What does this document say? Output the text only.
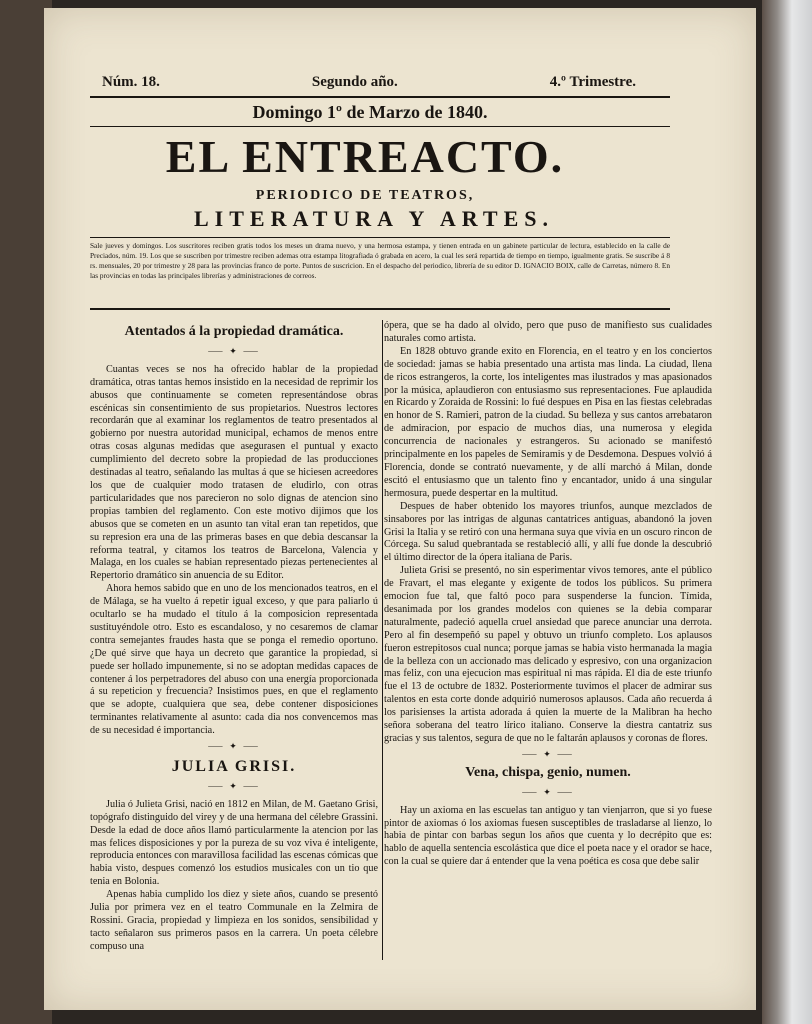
Núm. 18.	Segundo año.	4.º Trimestre.
Domingo 1º de Marzo de 1840.
EL ENTREACTO.
PERIODICO DE TEATROS,
LITERATURA Y ARTES.
Sale jueves y domingos. Los suscritores reciben gratis todos los meses un drama nuevo, y una hermosa estampa, y tienen entrada en un gabinete particular de lectura, establecido en la calle de Preciados, núm. 19. Los que se suscriben por trimestre reciben ademas otra estampa litografiada ó grabada en acero, la cual les será repartida de tiempo en tiempo, igualmente gratis. Se suscribe á 8 rs. mensuales, 20 por trimestre y 28 para las provincias franco de porte. Puntos de suscricion. En el despacho del periodico, librería de su editor D. IGNACIO BOIX, calle de Carretas, número 8. En las provincias en todas las principales librerías y administraciones de correos.
Atentados á la propiedad dramática.
⸺ ✦ ⸺

Cuantas veces se nos ha ofrecido hablar de la propiedad dramática, otras tantas hemos insistido en la necesidad de reprimir los abusos que continuamente se cometen representándose obras escénicas sin consentimiento de sus propietarios. Nuestros lectores recordarán que al examinar los reglamentos de teatro presentados al gobierno por nuestra autoridad municipal, echamos de menos entre otras cosas algunas medidas que asegurasen el puntual y exacto cumplimiento del decreto sobre la propiedad de las producciones destinadas al teatro, señalando las multas á que se hiciesen acreedores los que de cualquier modo tratasen de eludirlo, con otras particularidades que nos parecieron no solo dignas de atencion sino propias tambien del reglamento. Con este motivo dijimos que los abusos que se cometen en un asunto tan vital eran tan repetidos, que su represion era una de las primeras bases en que debia descansar la reforma teatral, y citamos los teatros de Barcelona, Valencia y Malaga, en los cuales se habian representado piezas pertenecientes al Repertorio dramático sin anuencia de su Editor.

Ahora hemos sabido que en uno de los mencionados teatros, en el de Málaga, se ha vuelto á repetir igual exceso, y que para paliarlo ú ocultarlo se ha mudado el título á la composicion representada sustituyéndole otro. Esto es escandaloso, y no cesaremos de clamar contra semejantes fraudes hasta que se ponga el remedio oportuno. ¿De qué sirve que haya un decreto que garantice la propiedad, si puede ser hollado impunemente, si no se adoptan medidas capaces de contener á los perpetradores del abuso con una energía proporcionada á su repeticion y frecuencia? Insistimos pues, en que el reglamento que se adopte, cualquiera que sea, debe contener disposiciones terminantes relativamente al asunto: cada dia nos convencemos mas de su necesidad é importancia.

⸺ ✦ ⸺
JULIA GRISI.
⸺ ✦ ⸺

Julia ó Julieta Grisi, nació en 1812 en Milan, de M. Gaetano Grisi, topógrafo distinguido del virey y de una hermana del célebre Grassini. Desde la edad de doce años llamó particularmente la atencion por las mas felices disposiciones y por la pureza de su voz viva é inteligente, reproducia entonces con maravillosa facilidad las escenas cómicas que habia visto, despues comenzó los estudios musicales con un tio que tenia en Bolonia.

Apenas habia cumplido los diez y siete años, cuando se presentó Julia por primera vez en el teatro Communale en la Zelmira de Rossini. Gracia, propiedad y limpieza en los sonidos, sensibilidad y tacto señalaron sus primeros pasos en la carrera. Un poeta célebre compuso una

ópera, que se ha dado al olvido, pero que puso de manifiesto sus cualidades naturales como artista.

En 1828 obtuvo grande exito en Florencia, en el teatro y en los conciertos de sociedad: jamas se habia presentado una artista mas linda. La ciudad, llena de ricos estrangeros, la corte, los inteligentes mas ilustrados y mas apasionados por la música, aplaudieron con entusiasmo sus representaciones. Fue aplaudida en Ricardo y Zoraida de Rossini: lo fué despues en Pisa en las fiestas celebradas en honor de S. Ramieri, patron de la ciudad. Su belleza y sus cantos arrebataron de admiracion, por espacio de muchos dias, una numerosa y elegida concurrencia de nacionales y estrangeros. Su acionado se manifestó principalmente en los papeles de Semiramis y de Desdemona. Despues volvió á Florencia, donde se contrató nuevamente, y de allí marchó á Milan, donde escitó el entusiasmo que un talento fino y encantador, unido á una singular hermosura, puede despertar en la multitud.

Despues de haber obtenido los mayores triunfos, aunque mezclados de sinsabores por las intrigas de algunas cantatrices antiguas, abandonó la joven Grisi la Italia y se retiró con una hermana suya que vivia en un oscuro rincon de Córcega. Su salud quebrantada se restableció allí, y allí fue donde la descubrió el último director de la ópera italiana de Paris.

Julieta Grisi se presentó, no sin esperimentar vivos temores, ante el público de Fravart, el mas elegante y exigente de todos los públicos. Su primera emocion fue tal, que faltó poco para suspenderse la funcion. Tímida, desanimada por los grandes modelos con quienes se la debia comparar naturalmente, padeció aquella cruel ansiedad que parece anunciar una derrota. Pero al fin desempeñó su papel y obtuvo un triunfo completo. Los aplausos fueron estrepitosos cual nunca; porque jamas se habia visto hermanada la magia de la belleza con un accionado mas delicado y espresivo, con una organizacion mas feliz, con una ejecucion mas espiritual ni mas rápida. El dia de este triunfo fue el 13 de octubre de 1832. Posteriormente tuvimos el placer de admirar sus talentos en esta corte donde adquirió numerosos aplausos. Cada año recuerda á los parisienses la artista adorada á quien la muerte de la Malibran ha hecho señora soberana del teatro lírico italiano. Conserve la diestra cantatriz sus gracias y sus talentos, segura de que no le faltarán aplausos y coronas de flores.

⸺ ✦ ⸺
Vena, chispa, genio, numen.
⸺ ✦ ⸺

Hay un axioma en las escuelas tan antiguo y tan vienjarron, que si yo fuese pintor de axiomas ó los axiomas fuesen susceptibles de trasladarse al lienzo, lo habia de pintar con barbas segun los años que cuenta y lo decrépito que es: hablo de aquella sentencia escolástica que dice el poeta nace y el orador se hace, con la cual se quiere dar á entender que la vena poética es cosa que debe salir
